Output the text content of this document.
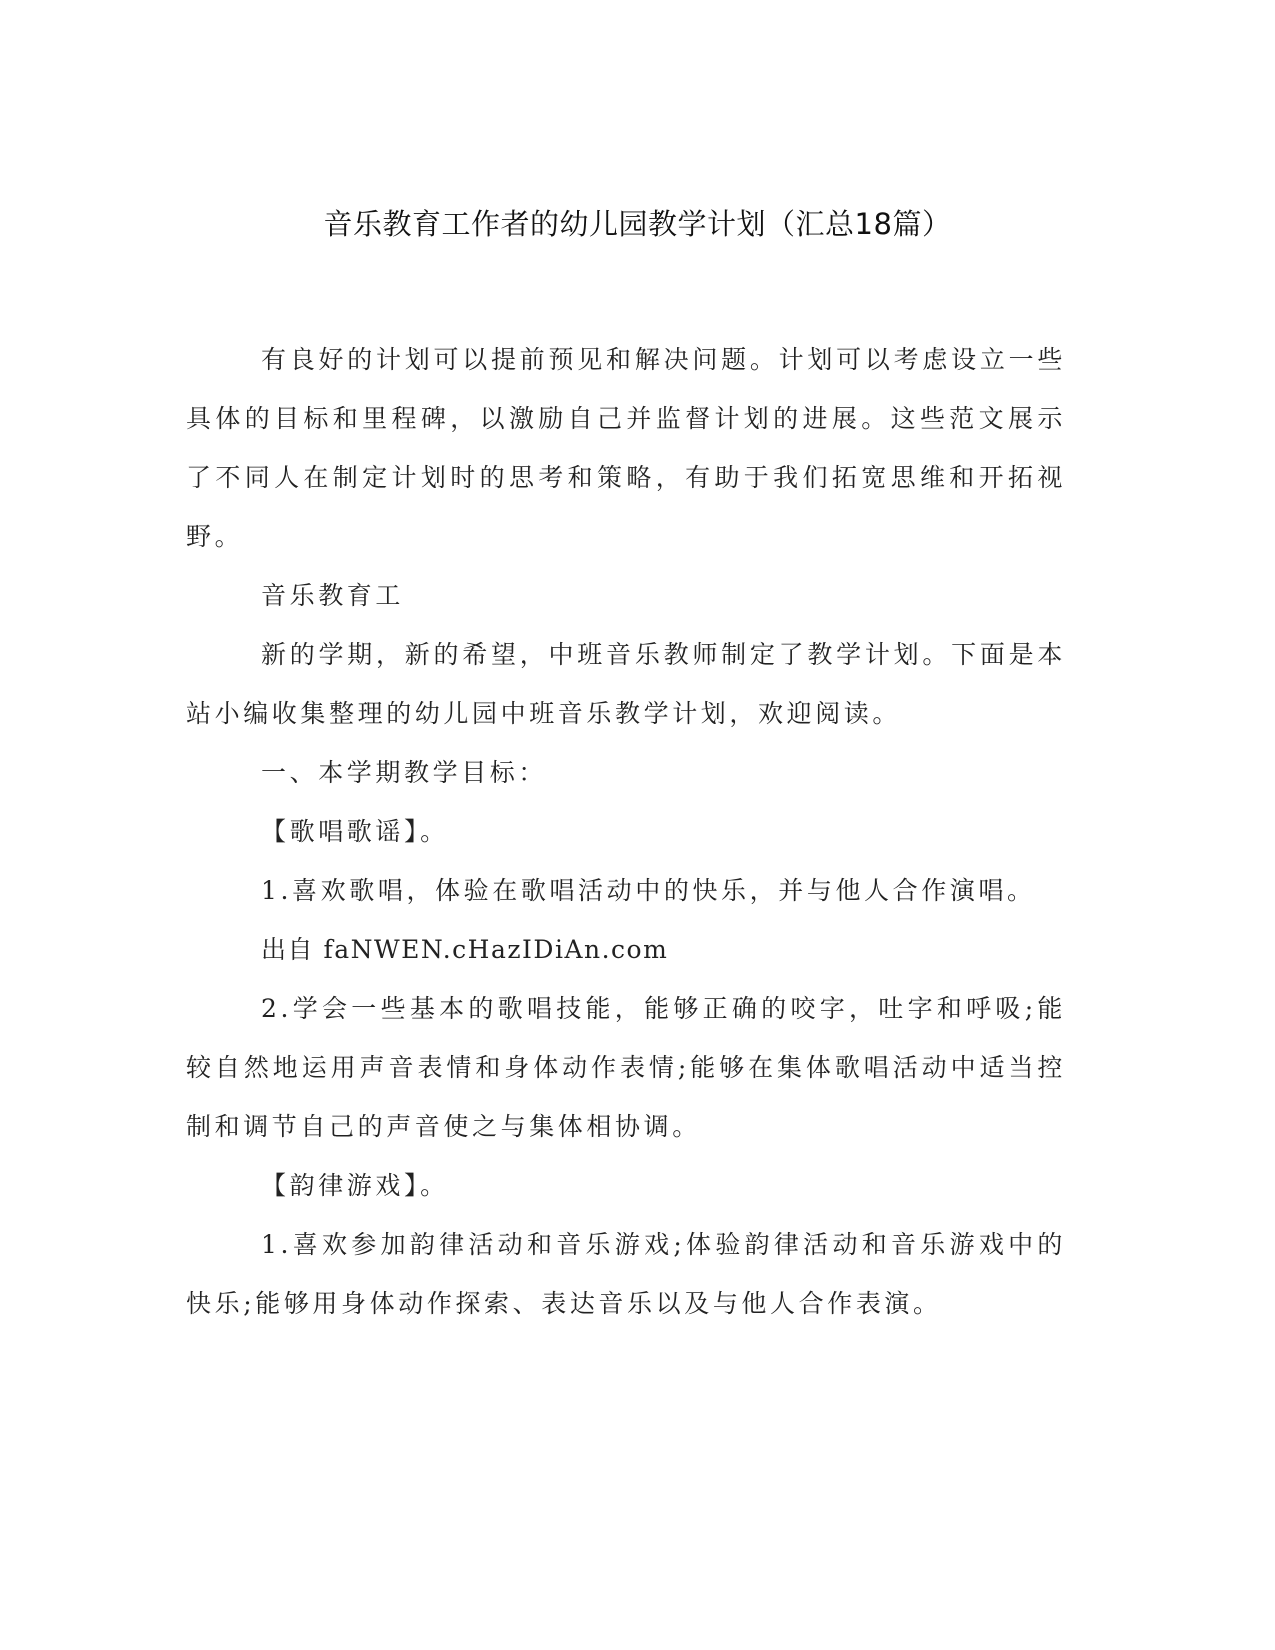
音乐教育工作者的幼儿园教学计划（汇总18篇）

有良好的计划可以提前预见和解决问题。计划可以考虑设立一些具体的目标和里程碑，以激励自己并监督计划的进展。这些范文展示了不同人在制定计划时的思考和策略，有助于我们拓宽思维和开拓视野。

音乐教育工

新的学期，新的希望，中班音乐教师制定了教学计划。下面是本站小编收集整理的幼儿园中班音乐教学计划，欢迎阅读。

一、本学期教学目标：

【歌唱歌谣】。

1.喜欢歌唱，体验在歌唱活动中的快乐，并与他人合作演唱。

出自 faNWEN.cHazIDiAn.com

2.学会一些基本的歌唱技能，能够正确的咬字，吐字和呼吸;能较自然地运用声音表情和身体动作表情;能够在集体歌唱活动中适当控制和调节自己的声音使之与集体相协调。

【韵律游戏】。

1.喜欢参加韵律活动和音乐游戏;体验韵律活动和音乐游戏中的快乐;能够用身体动作探索、表达音乐以及与他人合作表演。
